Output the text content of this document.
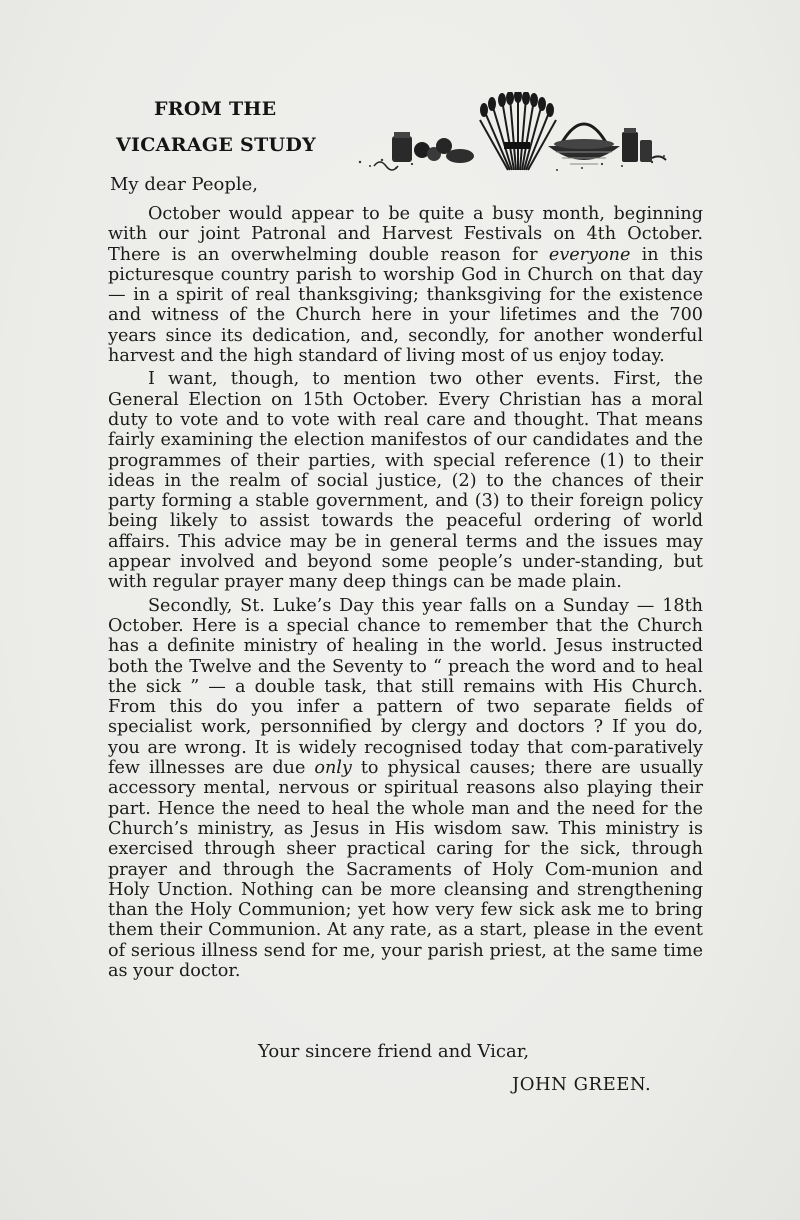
FROM THE
VICARAGE STUDY
My dear People,

October would appear to be quite a busy month, beginning with our joint Patronal and Harvest Festivals on 4th October. There is an overwhelming double reason for everyone in this picturesque country parish to worship God in Church on that day — in a spirit of real thanksgiving; thanksgiving for the existence and witness of the Church here in your lifetimes and the 700 years since its dedication, and, secondly, for another wonderful harvest and the high standard of living most of us enjoy today.

I want, though, to mention two other events. First, the General Election on 15th October. Every Christian has a moral duty to vote and to vote with real care and thought. That means fairly examining the election manifestos of our candidates and the programmes of their parties, with special reference (1) to their ideas in the realm of social justice, (2) to the chances of their party forming a stable government, and (3) to their foreign policy being likely to assist towards the peaceful ordering of world affairs. This advice may be in general terms and the issues may appear involved and beyond some people’s under-standing, but with regular prayer many deep things can be made plain.

Secondly, St. Luke’s Day this year falls on a Sunday — 18th October. Here is a special chance to remember that the Church has a definite ministry of healing in the world. Jesus instructed both the Twelve and the Seventy to “ preach the word and to heal the sick ” — a double task, that still remains with His Church. From this do you infer a pattern of two separate fields of specialist work, personnified by clergy and doctors ? If you do, you are wrong. It is widely recognised today that com-paratively few illnesses are due only to physical causes; there are usually accessory mental, nervous or spiritual reasons also playing their part. Hence the need to heal the whole man and the need for the Church’s ministry, as Jesus in His wisdom saw. This ministry is exercised through sheer practical caring for the sick, through prayer and through the Sacraments of Holy Com-munion and Holy Unction. Nothing can be more cleansing and strengthening than the Holy Communion; yet how very few sick ask me to bring them their Communion. At any rate, as a start, please in the event of serious illness send for me, your parish priest, at the same time as your doctor.

Your sincere friend and Vicar,
JOHN GREEN.
